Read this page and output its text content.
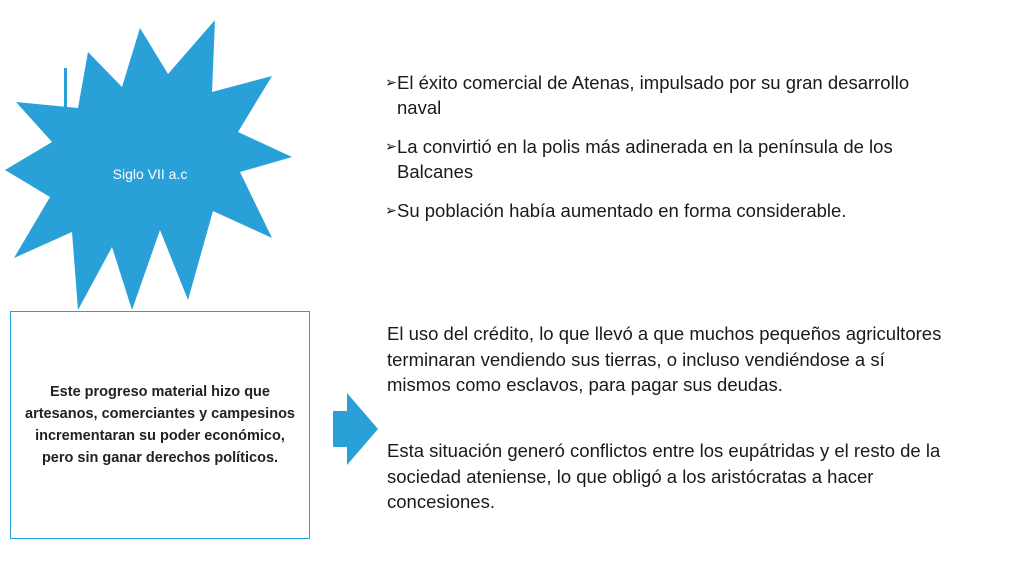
Siglo VII a.c

Este progreso material hizo que artesanos, comerciantes y campesinos incrementaran su poder económico, pero sin ganar derechos políticos.

➢ El éxito comercial de Atenas, impulsado por su gran desarrollo naval
➢ La convirtió en la polis más adinerada en la península de los Balcanes
➢ Su población había aumentado en forma considerable.

El uso del crédito, lo que llevó a que muchos pequeños agricultores terminaran vendiendo sus tierras, o incluso vendiéndose a sí mismos como esclavos, para pagar sus deudas.

Esta situación generó conflictos entre los eupátridas y el resto de la sociedad ateniense, lo que obligó a los aristócratas a hacer concesiones.
